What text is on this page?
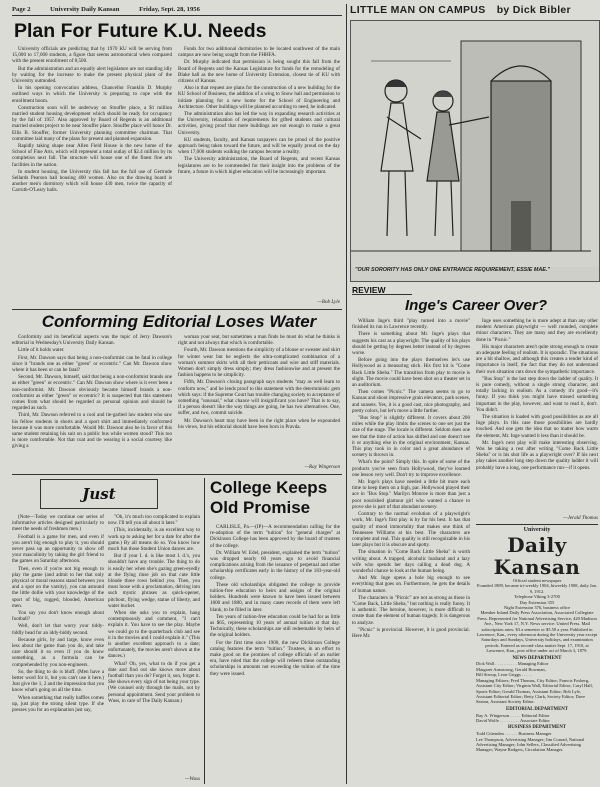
Page 2	University Daily Kansan	Friday, Sept. 28, 1956
Plan For Future K.U. Needs

University officials are predicting that by 1970 KU will be serving from 15,000 to 17,000 students, a figure that seems astronomical when compared with the present enrollment of 8,500.

But the administration and an equally alert legislature are not standing idly by waiting for the increase to make the present physical plant of the University outmoded.

In his opening convocation address, Chancellor Franklin D. Murphy outlined ways in which the University is preparing to cope with the enrollment boom.

Construction soon will be underway on Stouffer place, a $1 million married student housing development which should be ready for occupancy by the fall of 1957. Also approved by Board of Regents is an additional married student project to be near Stouffer place. Stouffer place will honor Dr. Ellis B. Stouffer, former University planning committee chairman. That committee laid many of the plans for present and planned expansion.

Rapidly taking shape near Allen Field House is the new home of the School of Fine Arts, which will represent a total outlay of $2.4 million by its completion next fall. The structure will house one of the finest fine arts facilities in the nation.

In student housing, the University this fall has the full use of Gertrude Sellards Pearson hall housing 400 women. Also on the drawing board is another men's dormitory which will house 430 men, twice the capacity of Carruth-O'Leary halls.

Funds for two additional dormitories to be located southwest of the main campus are now being sought from the FHHFA.

Dr. Murphy indicated that permission is being sought this fall from the Board of Regents and the Kansas Legislature for funds for the remodeling of Blake hall as the new home of University Extension, closest tie of KU with citizens of Kansas.

Also in that request are plans for the construction of a new building for the KU School of Business, the addition of a wing to Snow hall and permission to initiate planning for a new home for the School of Engineering and Architecture. Other buildings will be planned according to need, he indicated.

The administration also has led the way in expanding research activities at the University, relaxation of requirements for gifted students and cultural activities, giving proof that mere buildings are not enough to make a great University.

KU students, faculty, and Kansas taxpayers can be proud of the positive approach being taken toward the future, and will be equally proud on the day when 17,000 students walking the campus become a reality.

The University administration, the Board of Regents, and recent Kansas legislatures are to be commended for their insight into the problems of the future, a future in which higher education will be increasingly important.

—Bob Lyle
LITTLE MAN ON CAMPUS by Dick Bibler
"OUR SORORITY HAS ONLY ONE ENTRANCE REQUIREMENT, ESSIE MAE."
REVIEW
Inge's Career Over?

William Inge's third "play turned into a movie" finished its run in Lawrence recently.

There is something about Mr. Inge's plays that suggests his cast as a playwright. The quality of his plays should be getting by degrees better instead of by degrees worse.

Before going into the plays themselves let's use Hollywood as a measuring stick. His first hit is "Come Back Little Sheba." The transition from play to movie is slight. The movie could have been shot on a theater set in an auditorium.

Then comes "Picnic." The camera seems to go to Kansas and shoot impressive grain elevators, park scenes, and sunsets. Yes, it is a good cast, nice photography, and pretty colors, but let's move a little further.

"Bus Stop" is slightly different. It covers about 200 miles while the play limits the scenes to one set just the size of the stage. The locale is different. Seldom does one see that the time of action has shifted and one doesn't see it or anything else in the original environment, Kansas. This play took in in color and a great abundance of scenery is thrown in.

What's the point? Simply this. In spite of some of the products you've seen from Hollywood, they've learned one lesson very well. Don't try to improve excellence.

Mr. Inge's plays have needed a little bit more each time to keep them on a high, par. Hollywood played their ace in "Bus Stop." Marilyn Monroe is more than just a poor nourished glamour girl who wanted a chance to prove she is part of that abundant scenery.

Contrary to the normal evolution of a playwright's work, Mr. Inge's first play is by far his best. It has that quality of mood immortality that makes one think of Tennessee Williams at his best. The characters are complete and real. This quality is still recognizable in his later plays but it is obscure and spotty.

The situation in "Come Back Little Sheba" is worth writing about. A trapped, alcoholic husband and a lazy wife who spends her days calling a dead dog. A wonderful chance to look at the human being.

And Mr. Inge opens a hole big enough to see everything that goes on. Furthermore, he gets the details of human nature.

The characters in "Picnic" are not as strong as those in "Come Back, Little Sheba," but nothing is really funny. It is authentic. The heroine, however, is more difficult to create than the element of human tragedy. It is dangerous to analyze.

"Picnic" is provincial. However, it is good provincial. Here Mr.

Inge uses something he is more adept at than any other modern American playwright — well rounded, complete minor characters. They are many and they are excellently done in "Picnic."

His major characters aren't quite strong enough to create an adequate feeling of realism. It is sporadic. The situations are a bit shallow, and although this creates a tender kind of importance in itself, the fact that they do not understand their own situation cuts down the sympathetic importance.

"Bus Stop" is the last step down the ladder of quality. It is pure comedy, without a single strong character, and totally lacking in realism. As a comedy it's good—it's funny. If you think you might have missed something important in the play, however, and want to read it, don't. You didn't.

The situation is loaded with good possibilities as are all Inge plays. In this case those possibilities are hardly touched. And one gets the idea that no matter how warm the element, Mr. Inge wanted it less than it should be.

Mr. Inge's next play will make interesting observing. Was he taking a rest after writing "Come Back Little Sheba" or is his shot life as a playwright over? If his next play takes another long step down the quality ladder it will probably have a long, one performance run—if it opens.

—Jerald Thomas
University
Daily Kansan
Official student newspaper
Founded 1889, became tri-weekly 1904, biweekly 1908, daily Jan. 9, 1912.
Telephone Viking 3-2700
Day Extension 355
Night Extension 376, business office
Member Inland Daily Press Association, Associated Collegiate Press. Represented for National Advertising Service, 420 Madison Ave., New York 17, N.Y. News service: United Press. Mail subscription rates: $3 a semester or $5.50 a year. Published in Lawrence, Kan., every afternoon during the University year except Saturdays and Sundays, University holidays, and examination periods. Entered as second-class matter Sept. 17, 1910, at Lawrence, Kan., post office under act of March 3, 1879.
NEWS DEPARTMENT
Dick Wall . . . . . . . . . . Managing Editor
Margaret Armstrong, Gerald Bowman,
Bill Stroup, Leon Griggs . . . . .
Managing Editors; Fred Thomas, City Editor; Francis Fosberg, Assistant City Editor; Virginia Wall, Editorial Editor; Caryl Hall, Sports Editor; Gerald Thomas, Assistant Editor; Bob Lyle, Assistant Editorial Editor; Betty Clark, Society Editor; Dave Seaton, Assistant Society Editor.
EDITORIAL DEPARTMENT
Ray A. Wingerson . . . . . Editorial Editor
David Wolfe . . . . . . . . . Associate Editor
BUSINESS DEPARTMENT
Todd Cittenden . . . . . . Business Manager
Lee Thompson, Advertising Manager; Jim Conrad, National Advertising Manager; John Sellers, Classified Advertising Manager; Wayne Rodgers, Circulation Manager.
Conforming Editorial Loses Water

Conformity and its beneficial aspects was the topic of Jerry Dawson's editorial in Wednesday's University Daily Kansan.

Little of it holds water.

First, Mr. Dawson says that being a non-conformist can be fatal in college since it "brands one as either "green" or eccentric." Can Mr. Dawson show where it has been or can be fatal?

Second, Mr. Dawson, himself, said that being a non-conformist brands one as either "green" or eccentric." Can Mr. Dawson show where is it ever been a non-conformist. Mr. Dawson obviously became himself brands a non-conformist as either "green" or eccentric? It is suspected that this statement comes from what should be regarded as personal opinion and should be regarded as such.

Third, Mr. Dawson referred to a cool and tie-garbed law student who saw his fellow students in shorts and a sport shirt and immediately conformed because it was more comfortable. Would Mr. Dawson also be in favor of this same student retaining his suit on a public bus while women stood? This too is more comfortable. Not that coat and tie wearing is a social courtesy like giving a

woman your seat, but sometimes a man finds he must do what he thinks is right and not always that which is comfortable.

Fourth, Mr. Dawson mentions the simplicity of a blouse or sweater and skirt for winter wear but he neglects the ultra-complicated combination of a woman's summer skirts with all their petticoats and wire and stiff materials. Women don't simply dress simply; they dress fashionwise and at present the fashion happens to be simplicity.

Fifth, Mr. Dawson's closing paragraph says students "may as well learn to conform now," and he lends proof to this statement with the deterministic gem which says: if the Supreme Court has trouble changing society to acceptance of something "unusual," what chance will insignificant you have? That is to say, if a person doesn't like the way things are going, he has two alternatives. One, suffer, and two, commit suicide.

Mr. Dawson's heart may have been in the right place when he expounded his views, but his editorial should have been born in Pravda.

—Ray Wingerson
Just

(Note—Today we continue our series of informative articles designed particularly to meet the needs of freshmen men.)

Football is a game for men, and even if you aren't big enough to play it, you should never pass up an opportunity to show off your masculinity by taking the girl friend to the games on Saturday afternoon.

Then, even if you're not big enough to play the game (and admit to her that only physical or moral reasons stand between you and a spot on the varsity), you can astound the little dollie with your knowledge of the sport of big, rugged, blooded, American men.

You say you don't know enough about football?

Well, don't let that worry your tiddy-tiddly head for an iddy-biddy second.

Because girls, by and large, know even less about the game than you do, and take care should it so even if you do know something, as a formula can be comprehended by you non-engineers.

So, the thing to do is bluff. (Men have a better word for it, but you can't use it here.) Just give the 1, 2 and the impression that you know what's going on all the time.

When something that really baffles comes up, just play the strong silent type. If she presses you for an explanation just say,

"Oh, it's much too complicated to explain now. I'll tell you all about it later."

(This, incidentally, is an excellent way to work up to asking her for a date for after the game.) By all means do so. You know how much fun those Student Union dances are.

But if your I. d. is like most I. d.'s, you shouldn't have any trouble. The thing to do is easily her when she's gazing green-eyedly at the flying rinse job on that cute little blonde three rows behind you. Then, you must loose with a proclamation, delving into such mystic phrases as quick-opener, pitchout, flying wedge, statue of liberty, and water bucket.

When she asks you to explain, hang contemptuously and comment, "I can't explain it. You have to see the play. Maybe we could go to the quarterback club and see it in the movies and I could explain it." (This is another excellent approach to a date; unfortunately, the movies aren't shown at the dances.)

What? Oh, yes, what to do if you get a date and find out she knows more about football than you do? Forget it, son, forget it. She shows every sign of not being your type. (We counsel only through the mails, not by personal appointment. Send your problem to Wuss, in care of The Daily Kansan.)

—Wuss
College Keeps Old Promise

CARLISLE, Pa.—(IP)—A recommendation calling for the re-adoption of the term "tuition" for "general charges" at Dickinson College has been approved by the board of trustees of the college.

Dr. William W. Edel, president, explained the term "tuition" was dropped nearly 60 years ago to avoid financial complications arising from the issuance of perpetual and other scholarship certificates early in the history of the 183-year-old college.

These old scholarships obligated the college to provide tuition-free education to heirs and assigns of the original holders. Hundreds were known to have been issued between 1800 and 1880, and in many cases records of them were left blank, to be filled in later.

Ten years of tuition-free education could be had for as little as $65, representing 10 years of annual tuition at that day. Technically, these scholarships are still redeemable by heirs of the original holders.

For the first time since 1900, the new Dickinson College catalog features the term "tuition." Trustees, in an effort to make good on the promises of college officials of an earlier era, have ruled that the college will redeem these outstanding scholarships in amounts not exceeding the tuition of the time they were issued.
